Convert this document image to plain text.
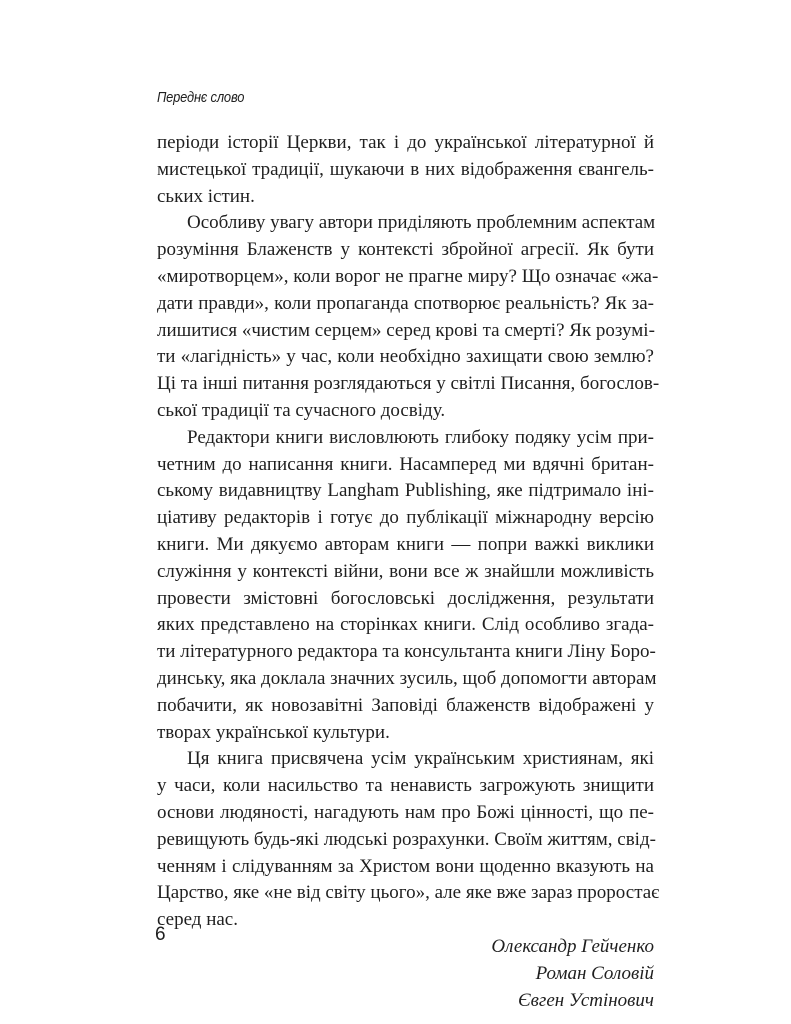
Переднє слово
періоди історії Церкви, так і до української літературної й
мистецької традиції, шукаючи в них відображення євангель-
ських істин.
Особливу увагу автори приділяють проблемним аспектам
розуміння Блаженств у контексті збройної агресії. Як бути
«миротворцем», коли ворог не прагне миру? Що означає «жа-
дати правди», коли пропаганда спотворює реальність? Як за-
лишитися «чистим серцем» серед крові та смерті? Як розумі-
ти «лагідність» у час, коли необхідно захищати свою землю?
Ці та інші питання розглядаються у світлі Писання, богослов-
ської традиції та сучасного досвіду.
Редактори книги висловлюють глибоку подяку усім при-
четним до написання книги. Насамперед ми вдячні британ-
ському видавництву Langham Publishing, яке підтримало іні-
ціативу редакторів і готує до публікації міжнародну версію
книги. Ми дякуємо авторам книги — попри важкі виклики
служіння у контексті війни, вони все ж знайшли можливість
провести змістовні богословські дослідження, результати
яких представлено на сторінках книги. Слід особливо згада-
ти літературного редактора та консультанта книги Ліну Боро-
динську, яка доклала значних зусиль, щоб допомогти авторам
побачити, як новозавітні Заповіді блаженств відображені у
творах української культури.
Ця книга присвячена усім українським християнам, які
у часи, коли насильство та ненависть загрожують знищити
основи людяності, нагадують нам про Божі цінності, що пе-
ревищують будь-які людські розрахунки. Своїм життям, свід-
ченням і слідуванням за Христом вони щоденно вказують на
Царство, яке «не від світу цього», але яке вже зараз проростає
серед нас.
Олександр Гейченко
Роман Соловій
Євген Устінович
6
